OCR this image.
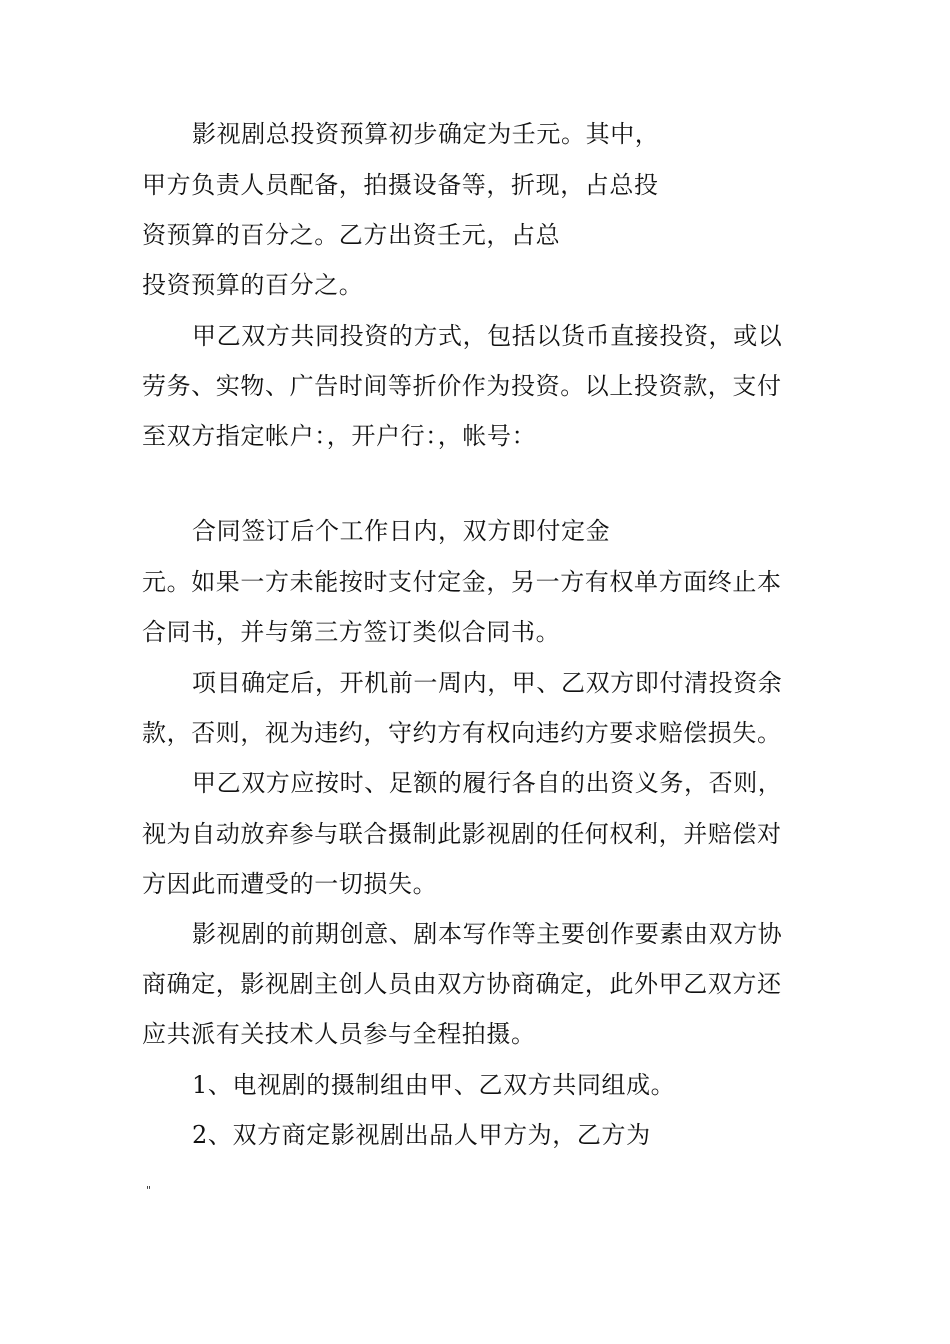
影视剧总投资预算初步确定为壬元。其中，
甲方负责人员配备，拍摄设备等，折现，占总投
资预算的百分之。乙方出资壬元，占总
投资预算的百分之。
甲乙双方共同投资的方式，包括以货币直接投资，或以
劳务、实物、广告时间等折价作为投资。以上投资款，支付
至双方指定帐户：，开户行：，帐号：
合同签订后个工作日内，双方即付定金
元。如果一方未能按时支付定金，另一方有权单方面终止本
合同书，并与第三方签订类似合同书。
项目确定后，开机前一周内，甲、乙双方即付清投资余
款，否则，视为违约，守约方有权向违约方要求赔偿损失。
甲乙双方应按时、足额的履行各自的出资义务，否则，
视为自动放弃参与联合摄制此影视剧的任何权利，并赔偿对
方因此而遭受的一切损失。
影视剧的前期创意、剧本写作等主要创作要素由双方协
商确定，影视剧主创人员由双方协商确定，此外甲乙双方还
应共派有关技术人员参与全程拍摄。
1、电视剧的摄制组由甲、乙双方共同组成。
2、双方商定影视剧出品人甲方为，乙方为
"
